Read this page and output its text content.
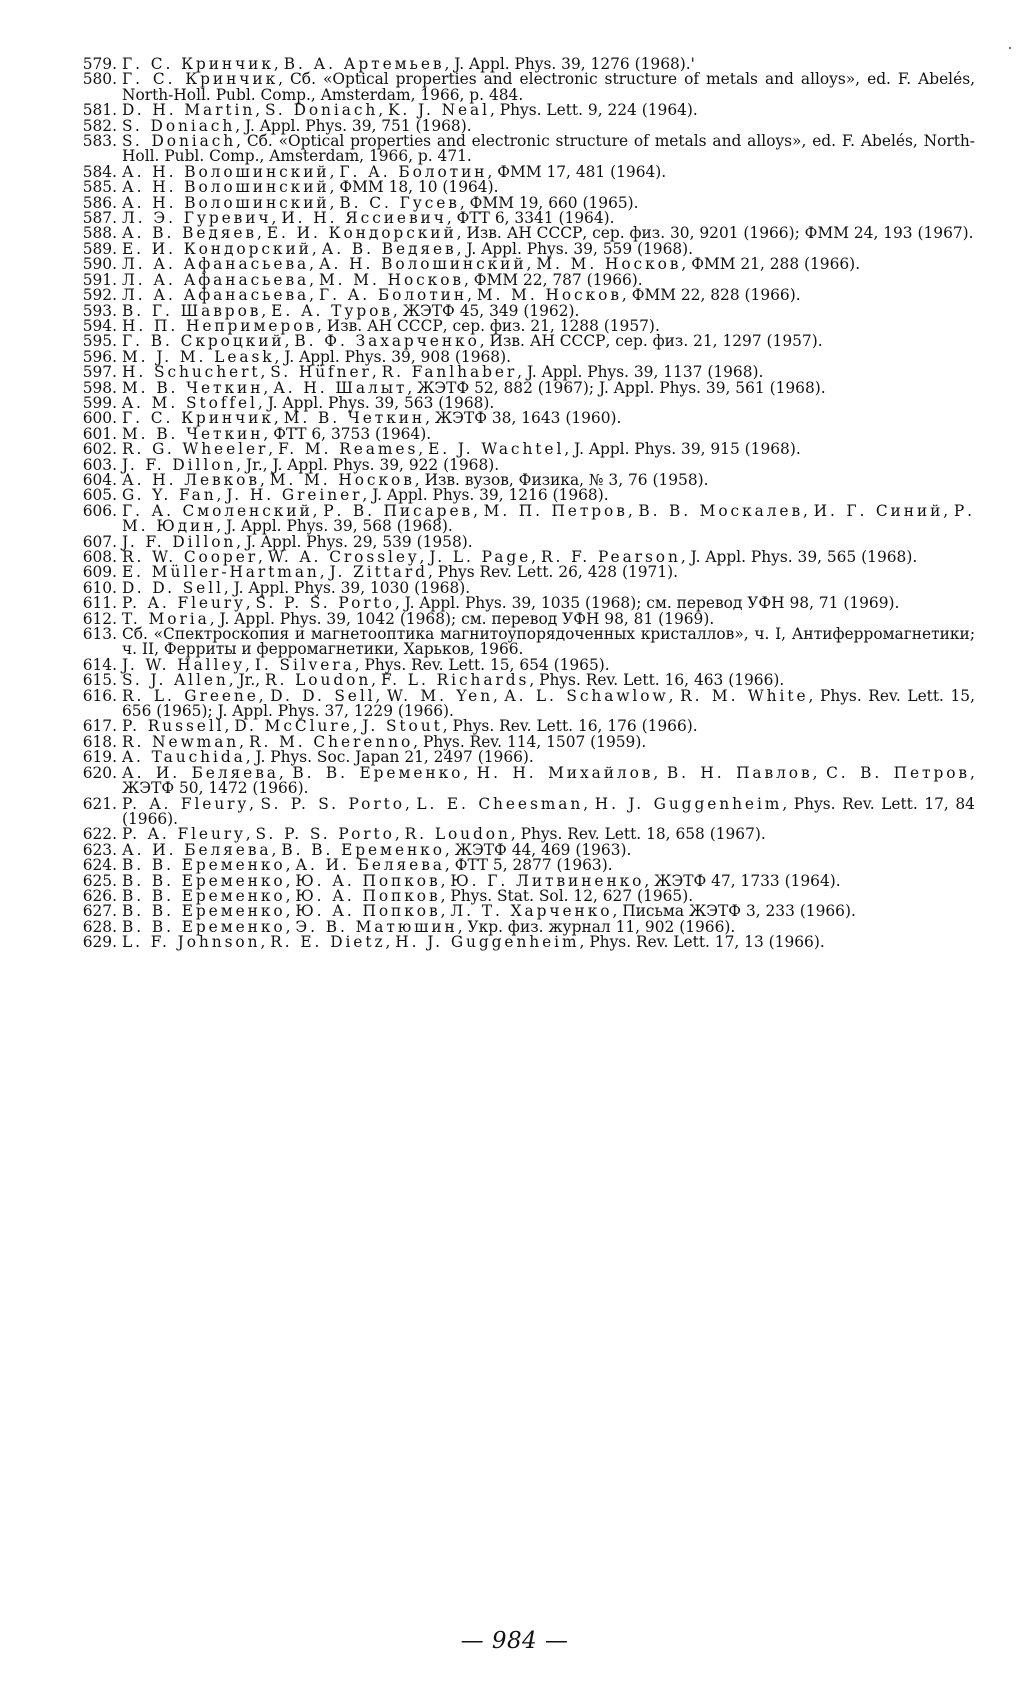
579. Г. С. Кринчик, В. А. Артемьев, J. Appl. Phys. 39, 1276 (1968).'
580. Г. С. Кринчик, Сб. «Optical properties and electronic structure of metals and alloys», ed. F. Abelés, North-Holl. Publ. Comp., Amsterdam, 1966, p. 484.
581. D. H. Martin, S. Doniach, K. J. Neal, Phys. Lett. 9, 224 (1964).
582. S. Doniach, J. Appl. Phys. 39, 751 (1968).
583. S. Doniach, Сб. «Optical properties and electronic structure of metals and alloys», ed. F. Abelés, North-Holl. Publ. Comp., Amsterdam, 1966, p. 471.
584. А. Н. Волошинский, Г. А. Болотин, ФММ 17, 481 (1964).
585. А. Н. Волошинский, ФММ 18, 10 (1964).
586. А. Н. Волошинский, В. С. Гусев, ФММ 19, 660 (1965).
587. Л. Э. Гуревич, И. Н. Яссиевич, ФТТ 6, 3341 (1964).
588. А. В. Ведяев, Е. И. Кондорский, Изв. АН СССР, сер. физ. 30, 9201 (1966); ФММ 24, 193 (1967).
589. Е. И. Кондорский, А. В. Ведяев, J. Appl. Phys. 39, 559 (1968).
590. Л. А. Афанасьева, А. Н. Волошинский, М. М. Носков, ФММ 21, 288 (1966).
591. Л. А. Афанасьева, М. М. Носков, ФММ 22, 787 (1966).
592. Л. А. Афанасьева, Г. А. Болотин, М. М. Носков, ФММ 22, 828 (1966).
593. В. Г. Шавров, Е. А. Туров, ЖЭТФ 45, 349 (1962).
594. Н. П. Непримеров, Изв. АН СССР, сер. физ. 21, 1288 (1957).
595. Г. В. Скроцкий, В. Ф. Захарченко, Изв. АН СССР, сер. физ. 21, 1297 (1957).
596. M. J. M. Leask, J. Appl. Phys. 39, 908 (1968).
597. H. Schuchert, S. Hüfner, R. Fanlhaber, J. Appl. Phys. 39, 1137 (1968).
598. М. В. Четкин, А. Н. Шалыт, ЖЭТФ 52, 882 (1967); J. Appl. Phys. 39, 561 (1968).
599. A. M. Stoffel, J. Appl. Phys. 39, 563 (1968).
600. Г. С. Кринчик, М. В. Четкин, ЖЭТФ 38, 1643 (1960).
601. М. В. Четкин, ФТТ 6, 3753 (1964).
602. R. G. Wheeler, F. M. Reames, E. J. Wachtel, J. Appl. Phys. 39, 915 (1968).
603. J. F. Dillon, Jr., J. Appl. Phys. 39, 922 (1968).
604. А. Н. Левков, М. М. Носков, Изв. вузов, Физика, № 3, 76 (1958).
605. G. Y. Fan, J. H. Greiner, J. Appl. Phys. 39, 1216 (1968).
606. Г. А. Смоленский, Р. В. Писарев, М. П. Петров, В. В. Москалев, И. Г. Синий, Р. М. Юдин, J. Appl. Phys. 39, 568 (1968).
607. J. F. Dillon, J. Appl. Phys. 29, 539 (1958).
608. R. W. Cooper, W. A. Crossley, J. L. Page, R. F. Pearson, J. Appl. Phys. 39, 565 (1968).
609. E. Müller-Hartman, J. Zittard, Phys Rev. Lett. 26, 428 (1971).
610. D. D. Sell, J. Appl. Phys. 39, 1030 (1968).
611. P. A. Fleury, S. P. S. Porto, J. Appl. Phys. 39, 1035 (1968); см. перевод УФН 98, 71 (1969).
612. T. Moria, J. Appl. Phys. 39, 1042 (1968); см. перевод УФН 98, 81 (1969).
613. Сб. «Спектроскопия и магнетооптика магнитоупорядоченных кристаллов», ч. I, Антиферромагнетики; ч. II, Ферриты и ферромагнетики, Харьков, 1966.
614. J. W. Halley, I. Silvera, Phys. Rev. Lett. 15, 654 (1965).
615. S. J. Allen, Jr., R. Loudon, F. L. Richards, Phys. Rev. Lett. 16, 463 (1966).
616. R. L. Greene, D. D. Sell, W. M. Yen, A. L. Schawlow, R. M. White, Phys. Rev. Lett. 15, 656 (1965); J. Appl. Phys. 37, 1229 (1966).
617. P. Russell, D. McClure, J. Stout, Phys. Rev. Lett. 16, 176 (1966).
618. R. Newman, R. M. Cherenno, Phys. Rev. 114, 1507 (1959).
619. A. Tauchida, J. Phys. Soc. Japan 21, 2497 (1966).
620. А. И. Беляева, В. В. Еременко, Н. Н. Михайлов, В. Н. Павлов, С. В. Петров, ЖЭТФ 50, 1472 (1966).
621. P. A. Fleury, S. P. S. Porto, L. E. Cheesman, H. J. Guggenheim, Phys. Rev. Lett. 17, 84 (1966).
622. P. A. Fleury, S. P. S. Porto, R. Loudon, Phys. Rev. Lett. 18, 658 (1967).
623. А. И. Беляева, В. В. Еременко, ЖЭТФ 44, 469 (1963).
624. В. В. Еременко, А. И. Беляева, ФТТ 5, 2877 (1963).
625. В. В. Еременко, Ю. А. Попков, Ю. Г. Литвиненко, ЖЭТФ 47, 1733 (1964).
626. В. В. Еременко, Ю. А. Попков, Phys. Stat. Sol. 12, 627 (1965).
627. В. В. Еременко, Ю. А. Попков, Л. Т. Харченко, Письма ЖЭТФ 3, 233 (1966).
628. В. В. Еременко, Э. В. Матюшин, Укр. физ. журнал 11, 902 (1966).
629. L. F. Johnson, R. E. Dietz, H. J. Guggenheim, Phys. Rev. Lett. 17, 13 (1966).
— 984 —
